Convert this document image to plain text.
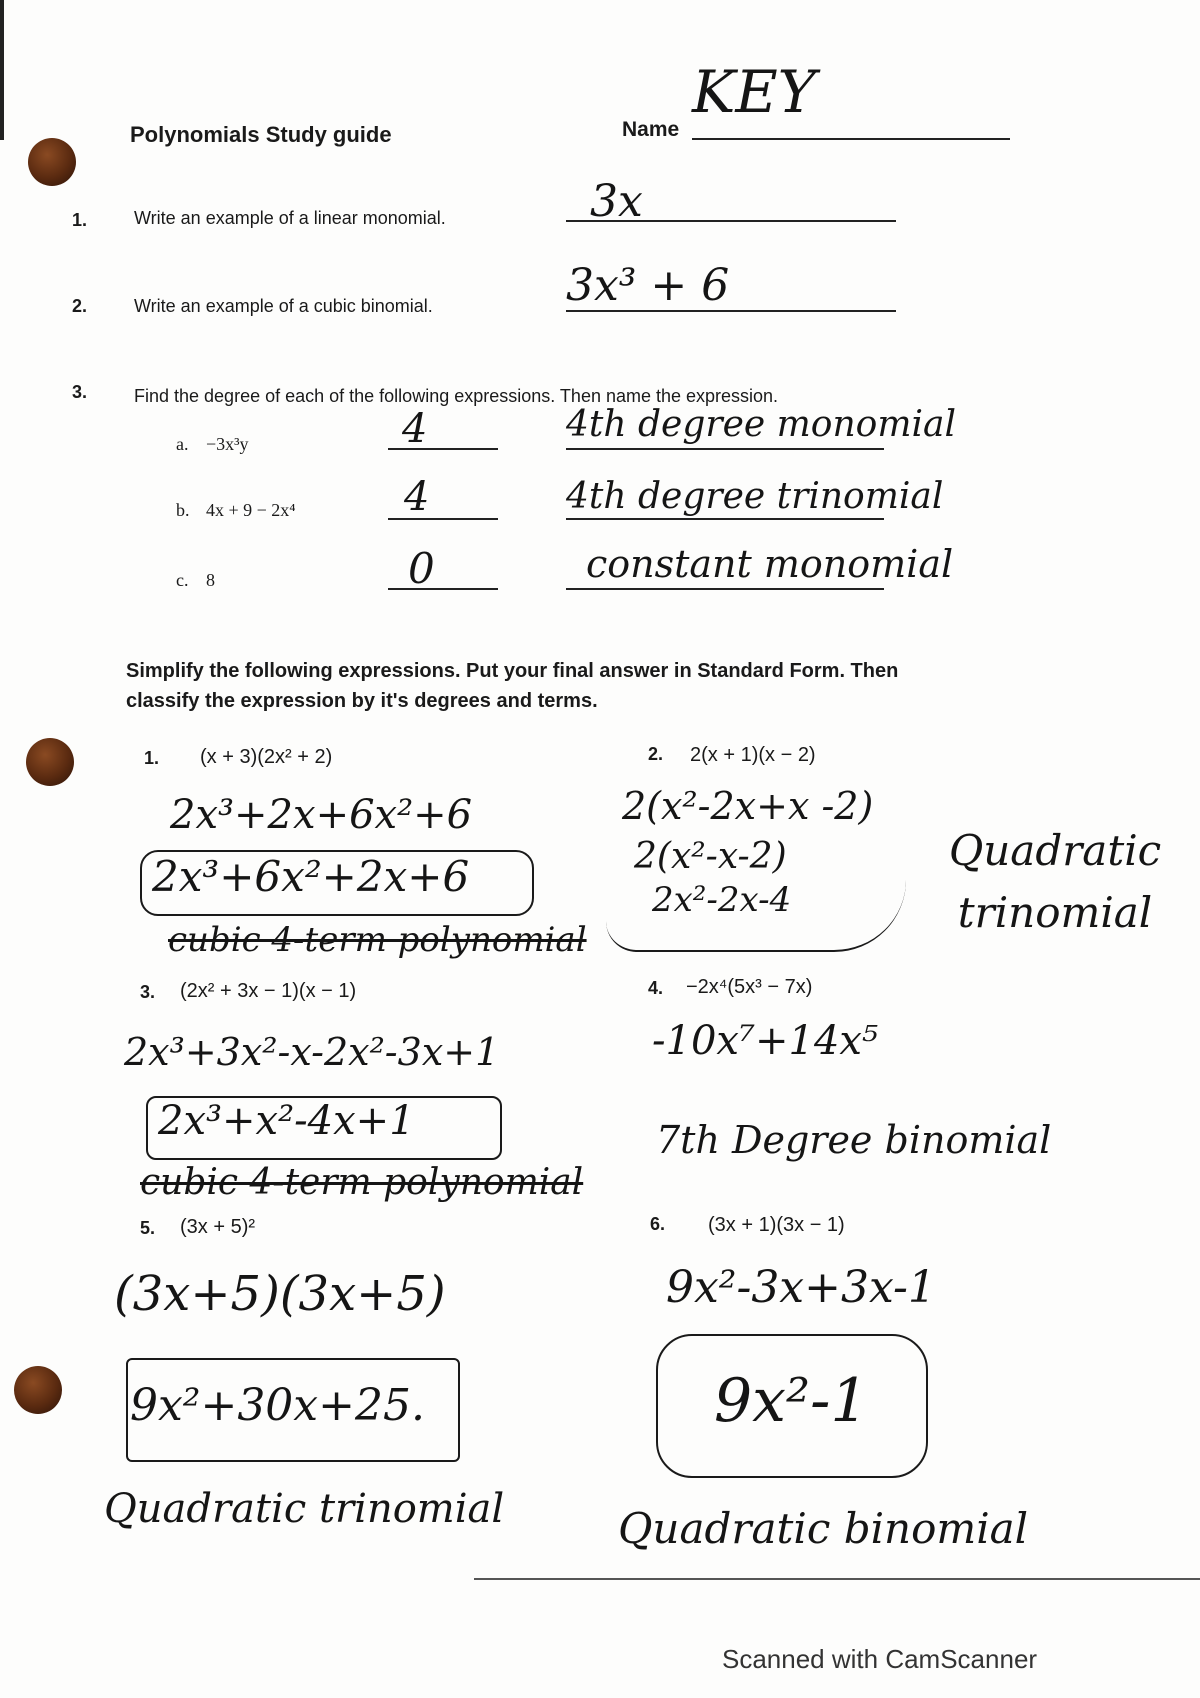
Polynomials Study guide	Name
KEY
1.	Write an example of a linear monomial.	3x
2.	Write an example of a cubic binomial.	3x³ + 6
3.	Find the degree of each of the following expressions. Then name the expression.
a. −3x³y	4	4th degree monomial
b. 4x + 9 − 2x⁴	4	4th degree trinomial
c. 8	0	constant monomial
Simplify the following expressions. Put your final answer in Standard Form. Then
classify the expression by it's degrees and terms.
1. (x + 3)(2x² + 2)
2x³+2x+6x²+6
2x³+6x²+2x+6
cubic 4-term polynomial
2. 2(x + 1)(x − 2)
2(x²-2x+x -2)
2(x²-x-2)
2x²-2x-4
Quadratic trinomial
3. (2x² + 3x − 1)(x − 1)
2x³+3x²-x-2x²-3x+1
2x³+x²-4x+1
cubic 4-term polynomial
4. −2x⁴(5x³ − 7x)
-10x⁷+14x⁵
7th Degree binomial
5. (3x + 5)²
(3x+5)(3x+5)
9x²+30x+25.
Quadratic trinomial
6. (3x + 1)(3x − 1)
9x²-3x+3x-1
9x²-1
Quadratic binomial
Scanned with CamScanner
